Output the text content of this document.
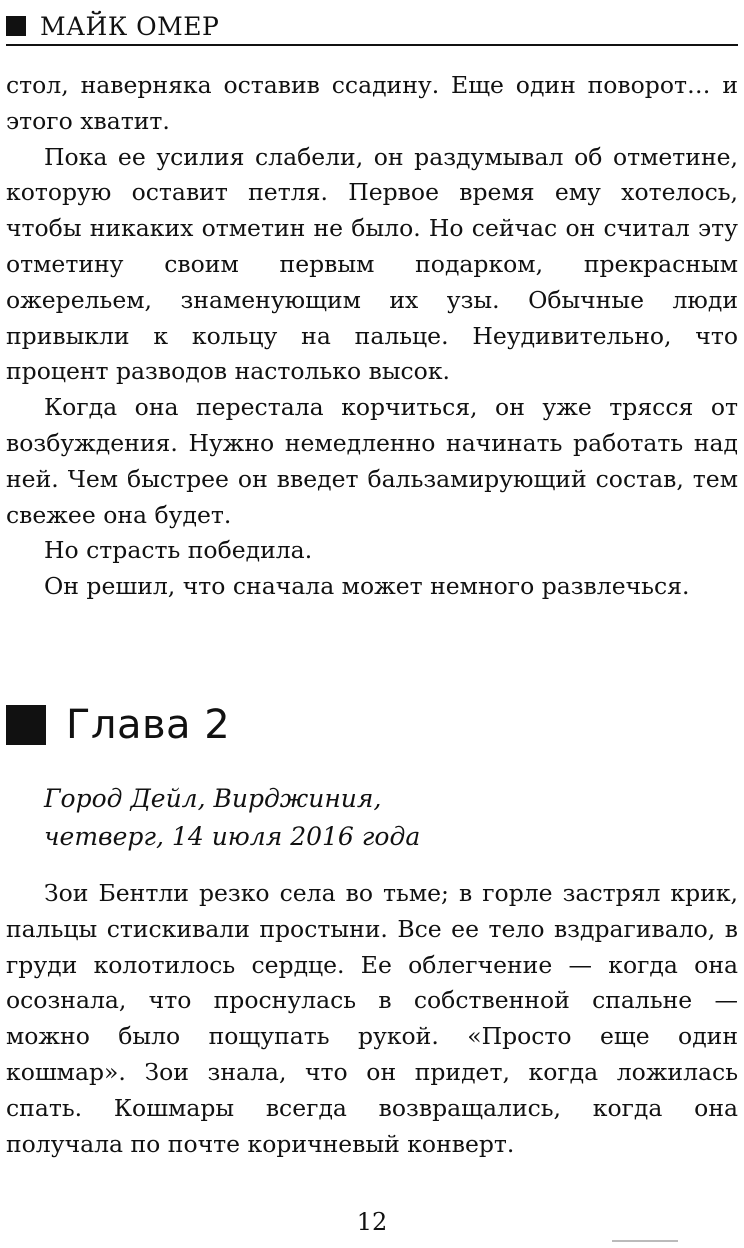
МАЙК ОМЕР

стол, наверняка оставив ссадину. Еще один поворот… и этого хватит.

Пока ее усилия слабели, он раздумывал об отметине, которую оставит петля. Первое время ему хотелось, чтобы никаких отметин не было. Но сейчас он считал эту отметину своим первым подарком, прекрасным ожерельем, знаменующим их узы. Обычные люди привыкли к кольцу на пальце. Неудивительно, что процент разводов настолько высок.

Когда она перестала корчиться, он уже трясся от возбуждения. Нужно немедленно начинать работать над ней. Чем быстрее он введет бальзамирующий состав, тем свежее она будет.

Но страсть победила.

Он решил, что сначала может немного развлечься.

Глава 2
Город Дейл, Вирджиния,
четверг, 14 июля 2016 года

Зои Бентли резко села во тьме; в горле застрял крик, пальцы стискивали простыни. Все ее тело вздрагивало, в груди колотилось сердце. Ее облегчение — когда она осознала, что проснулась в собственной спальне — можно было пощупать рукой. «Просто еще один кошмар». Зои знала, что он придет, когда ложилась спать. Кошмары всегда возвращались, когда она получала по почте коричневый конверт.

12
